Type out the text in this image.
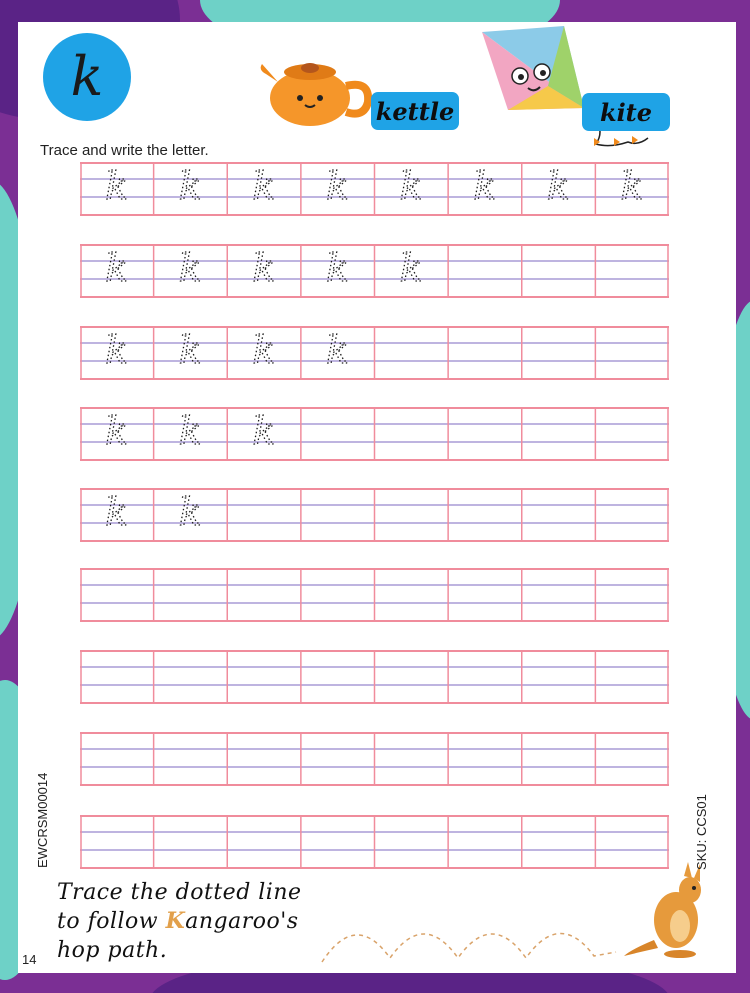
k
kettle	kite
Trace and write the letter.
k k k k k k k k
k k k k k
k k k k
k k k
k k
Trace the dotted line
to follow Kangaroo's
hop path.
14
EWCRSM00014	SKU: CCS01
